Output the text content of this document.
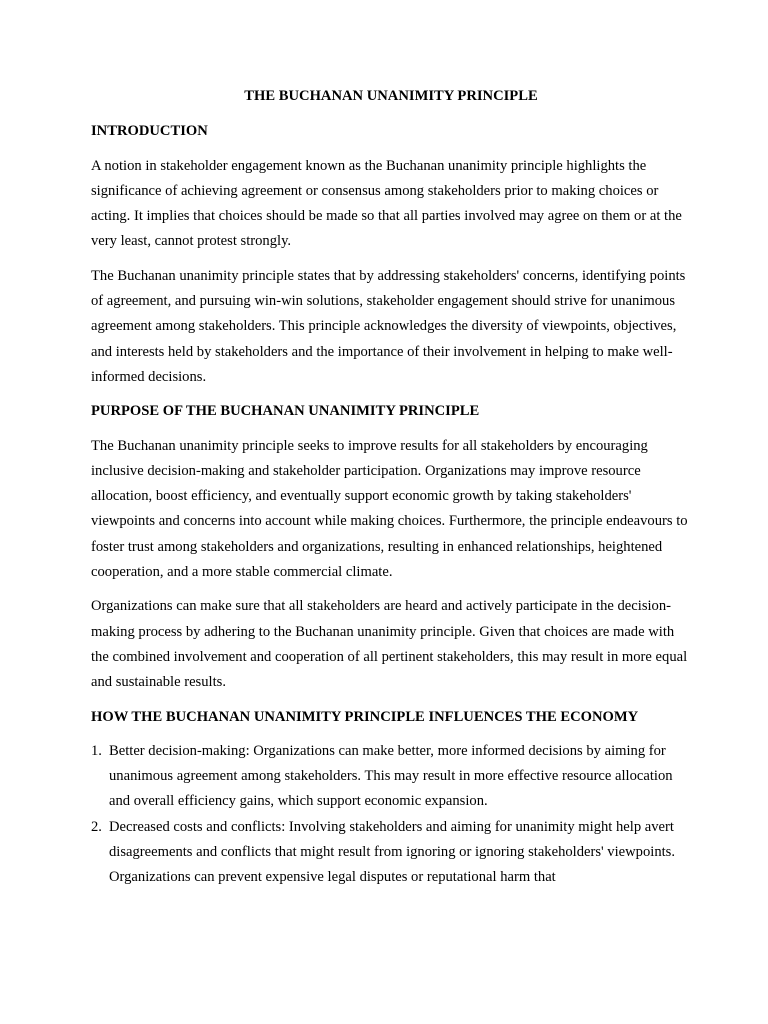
THE BUCHANAN UNANIMITY PRINCIPLE
INTRODUCTION

A notion in stakeholder engagement known as the Buchanan unanimity principle highlights the significance of achieving agreement or consensus among stakeholders prior to making choices or acting. It implies that choices should be made so that all parties involved may agree on them or at the very least, cannot protest strongly.

The Buchanan unanimity principle states that by addressing stakeholders' concerns, identifying points of agreement, and pursuing win-win solutions, stakeholder engagement should strive for unanimous agreement among stakeholders. This principle acknowledges the diversity of viewpoints, objectives, and interests held by stakeholders and the importance of their involvement in helping to make well-informed decisions.

PURPOSE OF THE BUCHANAN UNANIMITY PRINCIPLE

The Buchanan unanimity principle seeks to improve results for all stakeholders by encouraging inclusive decision-making and stakeholder participation. Organizations may improve resource allocation, boost efficiency, and eventually support economic growth by taking stakeholders' viewpoints and concerns into account while making choices. Furthermore, the principle endeavours to foster trust among stakeholders and organizations, resulting in enhanced relationships, heightened cooperation, and a more stable commercial climate.

Organizations can make sure that all stakeholders are heard and actively participate in the decision-making process by adhering to the Buchanan unanimity principle. Given that choices are made with the combined involvement and cooperation of all pertinent stakeholders, this may result in more equal and sustainable results.

HOW THE BUCHANAN UNANIMITY PRINCIPLE INFLUENCES THE ECONOMY
1. Better decision-making: Organizations can make better, more informed decisions by aiming for unanimous agreement among stakeholders. This may result in more effective resource allocation and overall efficiency gains, which support economic expansion.
2. Decreased costs and conflicts: Involving stakeholders and aiming for unanimity might help avert disagreements and conflicts that might result from ignoring or ignoring stakeholders' viewpoints. Organizations can prevent expensive legal disputes or reputational harm that
